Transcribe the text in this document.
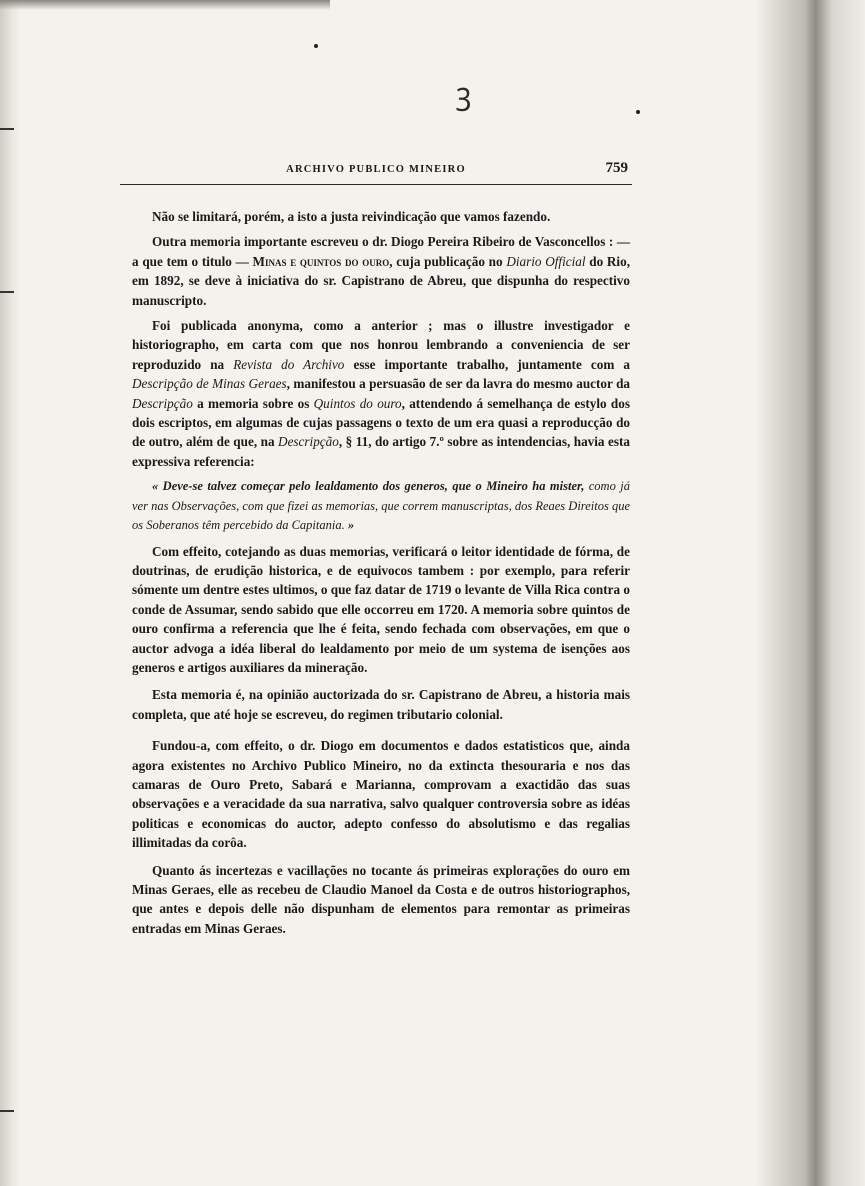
ꝫ
ARCHIVO PUBLICO MINEIRO	759

Não se limitará, porém, a isto a justa reivindicação que vamos fazendo.

Outra memoria importante escreveu o dr. Diogo Pereira Ribeiro de Vasconcellos : — a que tem o titulo — Minas e quintos do ouro, cuja publicação no Diario Official do Rio, em 1892, se deve à iniciativa do sr. Capistrano de Abreu, que dispunha do respectivo manuscripto.

Foi publicada anonyma, como a anterior ; mas o illustre investigador e historiographo, em carta com que nos honrou lembrando a conveniencia de ser reproduzido na Revista do Archivo esse importante trabalho, juntamente com a Descripção de Minas Geraes, manifestou a persuasão de ser da lavra do mesmo auctor da Descripção a memoria sobre os Quintos do ouro, attendendo á semelhança de estylo dos dois escriptos, em algumas de cujas passagens o texto de um era quasi a reproducção do de outro, além de que, na Descripção, § 11, do artigo 7.º sobre as intendencias, havia esta expressiva referencia:

« Deve-se talvez começar pelo lealdamento dos generos, que o Mineiro ha mister, como já ver nas Observações, com que fizei as memorias, que correm manuscriptas, dos Reaes Direitos que os Soberanos têm percebido da Capitania. »

Com effeito, cotejando as duas memorias, verificará o leitor identidade de fórma, de doutrinas, de erudição historica, e de equivocos tambem : por exemplo, para referir sómente um dentre estes ultimos, o que faz datar de 1719 o levante de Villa Rica contra o conde de Assumar, sendo sabido que elle occorreu em 1720. A memoria sobre quintos de ouro confirma a referencia que lhe é feita, sendo fechada com observações, em que o auctor advoga a idéa liberal do lealdamento por meio de um systema de isenções aos generos e artigos auxiliares da mineração.

Esta memoria é, na opinião auctorizada do sr. Capistrano de Abreu, a historia mais completa, que até hoje se escreveu, do regimen tributario colonial.

Fundou-a, com effeito, o dr. Diogo em documentos e dados estatisticos que, ainda agora existentes no Archivo Publico Mineiro, no da extincta thesouraria e nos das camaras de Ouro Preto, Sabará e Marianna, comprovam a exactidão das suas observações e a veracidade da sua narrativa, salvo qualquer controversia sobre as idéas politicas e economicas do auctor, adepto confesso do absolutismo e das regalias illimitadas da corôa.

Quanto ás incertezas e vacillações no tocante ás primeiras explorações do ouro em Minas Geraes, elle as recebeu de Claudio Manoel da Costa e de outros historiographos, que antes e depois delle não dispunham de elementos para remontar as primeiras entradas em Minas Geraes.
